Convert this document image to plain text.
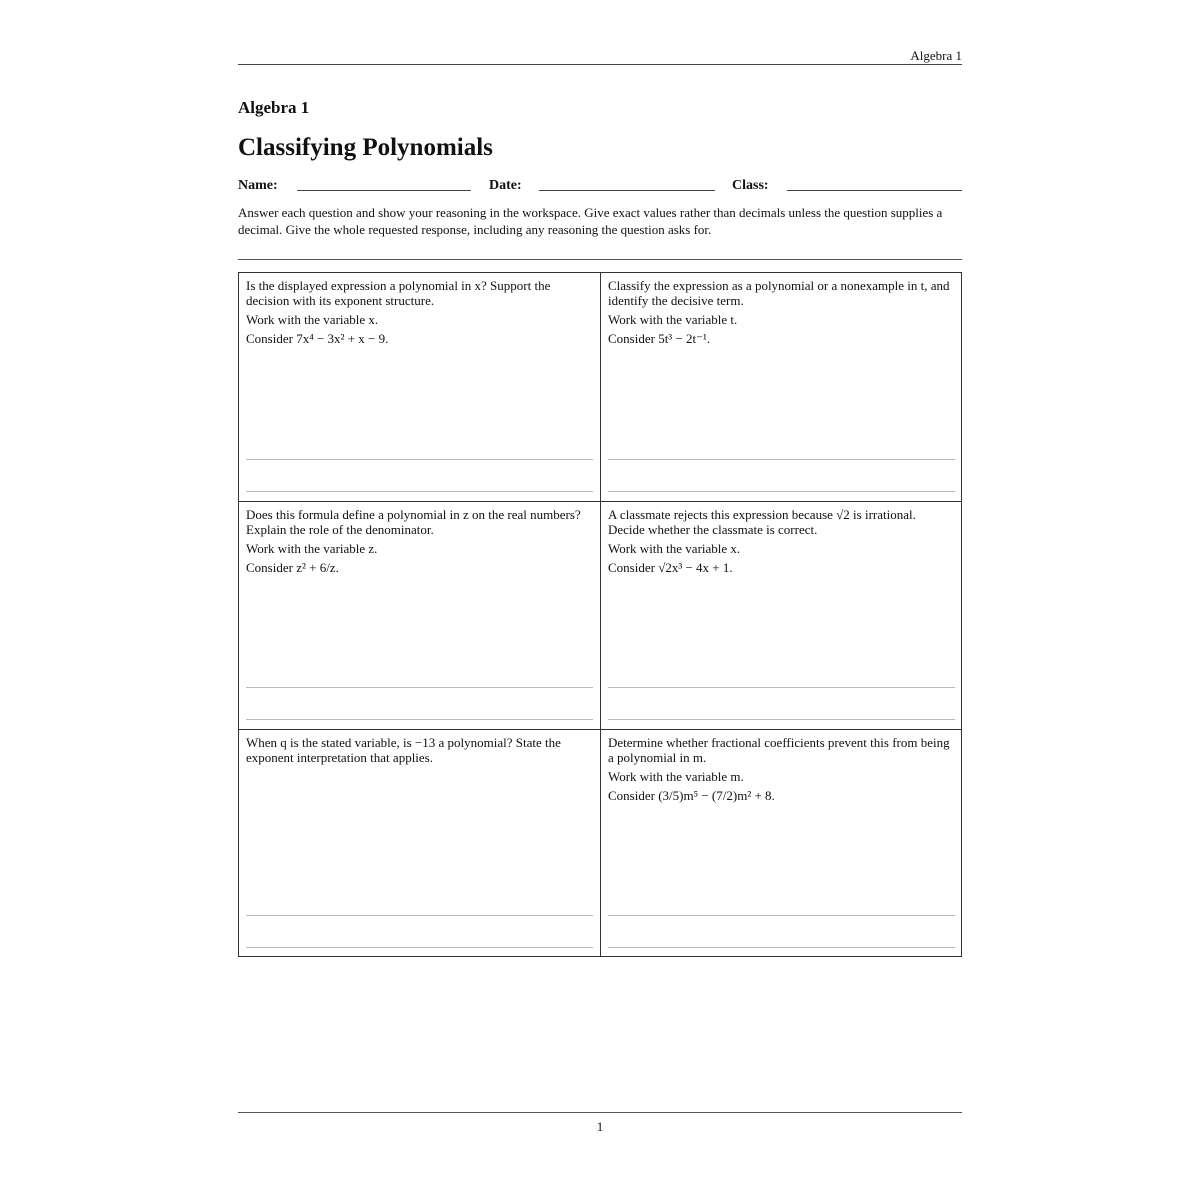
Algebra 1
Algebra 1
Classifying Polynomials
Name:	Date:	Class:
Answer each question and show your reasoning in the workspace. Give exact values rather than decimals unless the question supplies a decimal. Give the whole requested response, including any reasoning the question asks for.

Is the displayed expression a polynomial in x? Support the decision with its exponent structure.

Work with the variable x.

Consider 7x⁴ − 3x² + x − 9.

Classify the expression as a polynomial or a nonexample in t, and identify the decisive term.

Work with the variable t.

Consider 5t³ − 2t⁻¹.

Does this formula define a polynomial in z on the real numbers? Explain the role of the denominator.

Work with the variable z.

Consider z² + 6/z.

A classmate rejects this expression because √2 is irrational. Decide whether the classmate is correct.

Work with the variable x.

Consider √2x³ − 4x + 1.

When q is the stated variable, is −13 a polynomial? State the exponent interpretation that applies.

Determine whether fractional coefficients prevent this from being a polynomial in m.

Work with the variable m.

Consider (3/5)m⁵ − (7/2)m² + 8.

1
